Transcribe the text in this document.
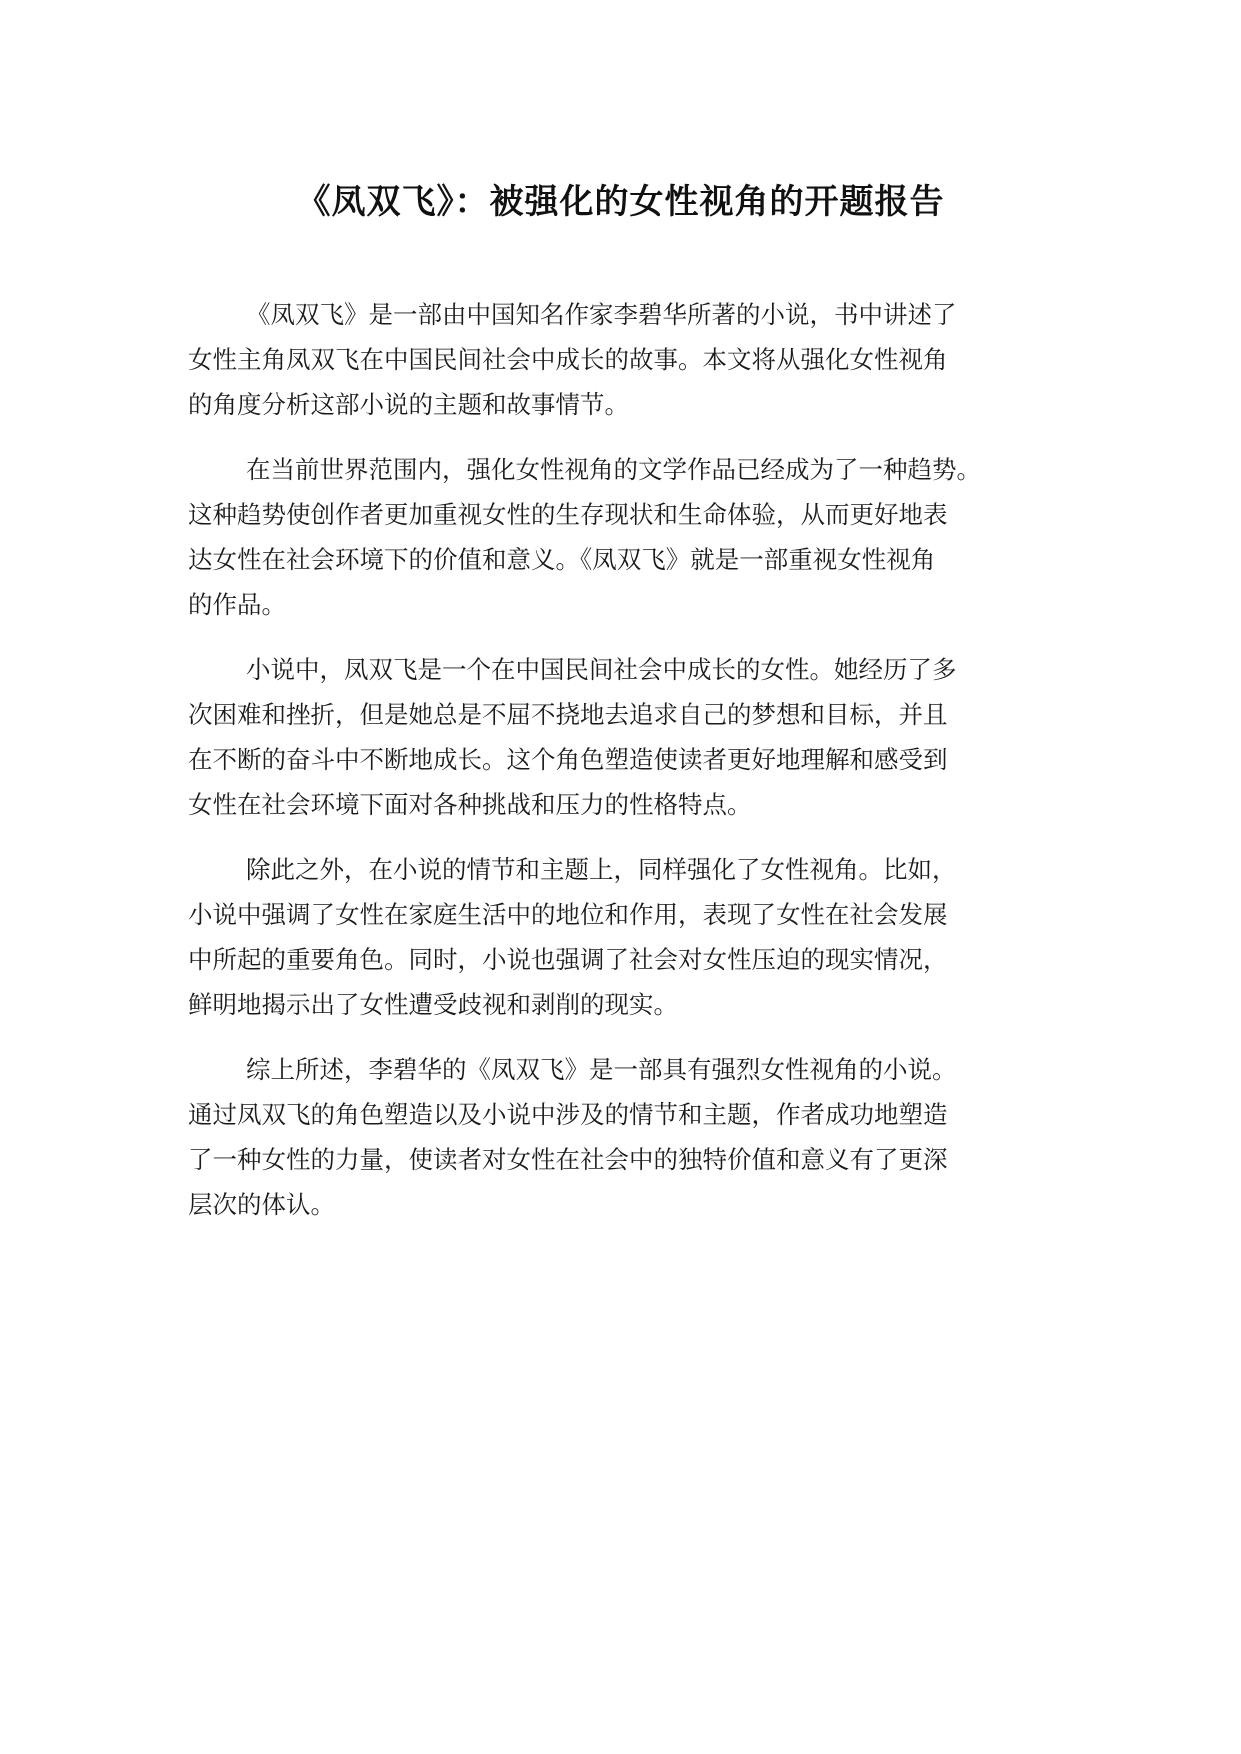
《凤双飞》：被强化的女性视角的开题报告

《凤双飞》是一部由中国知名作家李碧华所著的小说，书中讲述了
女性主角凤双飞在中国民间社会中成长的故事。本文将从强化女性视角
的角度分析这部小说的主题和故事情节。

在当前世界范围内，强化女性视角的文学作品已经成为了一种趋势。
这种趋势使创作者更加重视女性的生存现状和生命体验，从而更好地表
达女性在社会环境下的价值和意义。《凤双飞》就是一部重视女性视角
的作品。

小说中，凤双飞是一个在中国民间社会中成长的女性。她经历了多
次困难和挫折，但是她总是不屈不挠地去追求自己的梦想和目标，并且
在不断的奋斗中不断地成长。这个角色塑造使读者更好地理解和感受到
女性在社会环境下面对各种挑战和压力的性格特点。

除此之外，在小说的情节和主题上，同样强化了女性视角。比如，
小说中强调了女性在家庭生活中的地位和作用，表现了女性在社会发展
中所起的重要角色。同时，小说也强调了社会对女性压迫的现实情况，
鲜明地揭示出了女性遭受歧视和剥削的现实。

综上所述，李碧华的《凤双飞》是一部具有强烈女性视角的小说。
通过凤双飞的角色塑造以及小说中涉及的情节和主题，作者成功地塑造
了一种女性的力量，使读者对女性在社会中的独特价值和意义有了更深
层次的体认。
